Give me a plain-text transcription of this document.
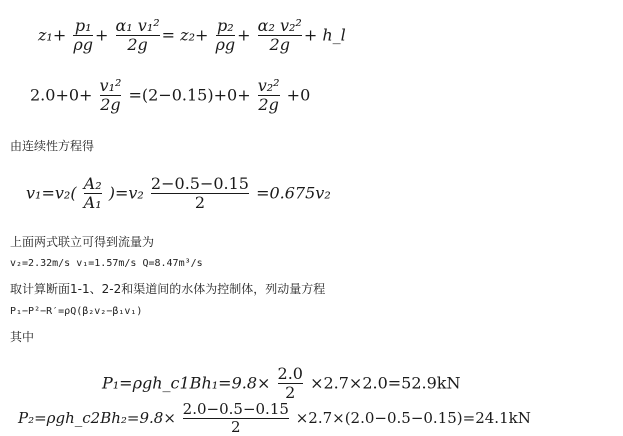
$z_1+ \frac{\text{p₁}}{\rho g} + \frac{\text{α₁ v₁²}}{2g} = z_2+ \frac{\text{p₂}}{\rho g} + \frac{\text{α₂ v₂²}}{2g}$ + h_l
$2.0+0+ \frac{\text{v₁²}}{2g} =(2-0.15)+0+ \frac{\text{v₂²}}{2g} +0$
由连续性方程得
$v_1=v_2( \frac{\text{A₂}}{\text{A₁}} )=v_2 \frac{2-0.5-0.15}{2} =0.675v_2$
上面两式联立可得到流量为
v₂=2.32m/s v₁=1.57m/s Q=8.47m³/s
取计算断面1-1、2-2和渠道间的水体为控制体，列动量方程
P₁−P²−R′=ρQ(β₂v₂−β₁v₁)
其中
P₁=ρgh_c1Bh₁=9.8× $\frac{2.0}{2} \times 2.7\times 2.0=52.9kN$
P₂=ρgh_c2Bh₂=9.8× $\frac{2.0-0.5-0.15}{2} \times 2.7\times(2.0-0.5-0.15)=24.1kN$
